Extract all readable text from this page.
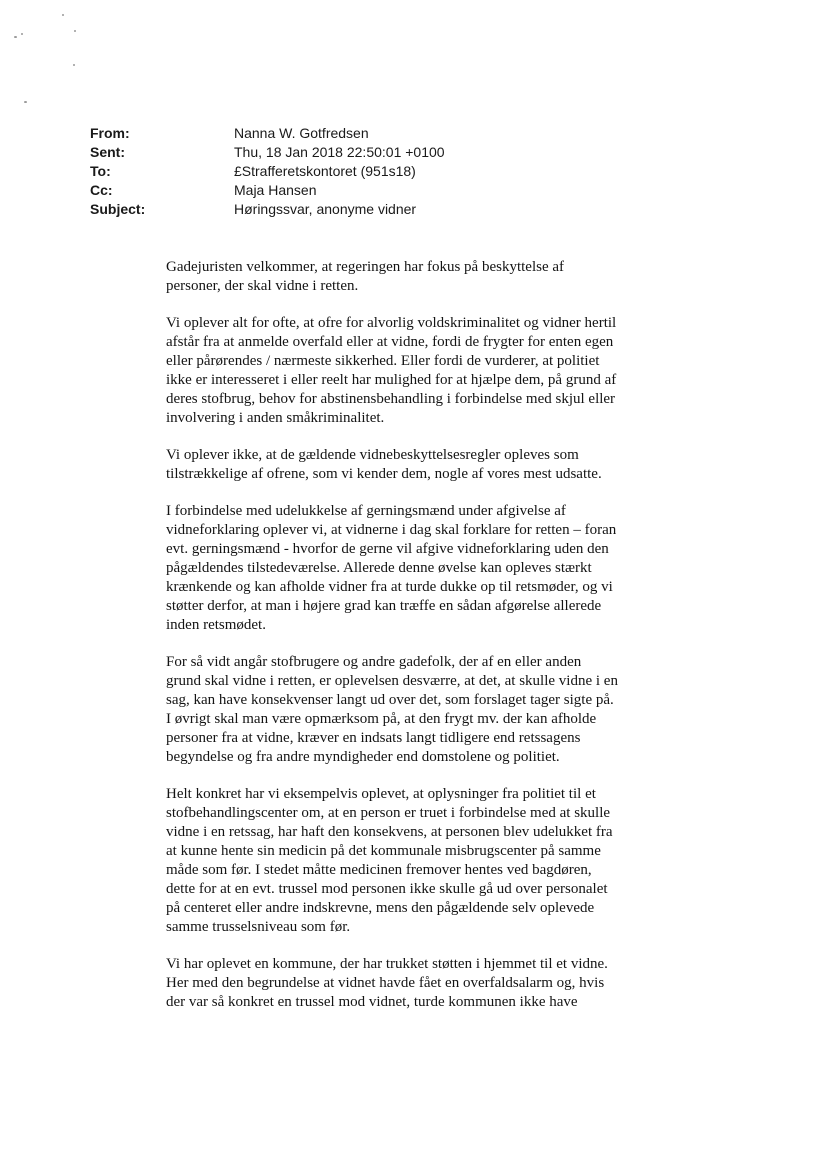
From:	Nanna W. Gotfredsen
Sent:	Thu, 18 Jan 2018 22:50:01 +0100
To:	£Strafferetskontoret (951s18)
Cc:	Maja Hansen
Subject:	Høringssvar, anonyme vidner
Gadejuristen velkommer, at regeringen har fokus på beskyttelse af
personer, der skal vidne i retten.
Vi oplever alt for ofte, at ofre for alvorlig voldskriminalitet og vidner hertil
afstår fra at anmelde overfald eller at vidne, fordi de frygter for enten egen
eller pårørendes / nærmeste sikkerhed. Eller fordi de vurderer, at politiet
ikke er interesseret i eller reelt har mulighed for at hjælpe dem, på grund af
deres stofbrug, behov for abstinensbehandling i forbindelse med skjul eller
involvering i anden småkriminalitet.
Vi oplever ikke, at de gældende vidnebeskyttelsesregler opleves som
tilstrækkelige af ofrene, som vi kender dem, nogle af vores mest udsatte.
I forbindelse med udelukkelse af gerningsmænd under afgivelse af
vidneforklaring oplever vi, at vidnerne i dag skal forklare for retten – foran
evt. gerningsmænd - hvorfor de gerne vil afgive vidneforklaring uden den
pågældendes tilstedeværelse. Allerede denne øvelse kan opleves stærkt
krænkende og kan afholde vidner fra at turde dukke op til retsmøder, og vi
støtter derfor, at man i højere grad kan træffe en sådan afgørelse allerede
inden retsmødet.
For så vidt angår stofbrugere og andre gadefolk, der af en eller anden
grund skal vidne i retten, er oplevelsen desværre, at det, at skulle vidne i en
sag, kan have konsekvenser langt ud over det, som forslaget tager sigte på.
I øvrigt skal man være opmærksom på, at den frygt mv. der kan afholde
personer fra at vidne, kræver en indsats langt tidligere end retssagens
begyndelse og fra andre myndigheder end domstolene og politiet.
Helt konkret har vi eksempelvis oplevet, at oplysninger fra politiet til et
stofbehandlingscenter om, at en person er truet i forbindelse med at skulle
vidne i en retssag, har haft den konsekvens, at personen blev udelukket fra
at kunne hente sin medicin på det kommunale misbrugscenter på samme
måde som før. I stedet måtte medicinen fremover hentes ved bagdøren,
dette for at en evt. trussel mod personen ikke skulle gå ud over personalet
på centeret eller andre indskrevne, mens den pågældende selv oplevede
samme trusselsniveau som før.
Vi har oplevet en kommune, der har trukket støtten i hjemmet til et vidne.
Her med den begrundelse at vidnet havde fået en overfaldsalarm og, hvis
der var så konkret en trussel mod vidnet, turde kommunen ikke have
